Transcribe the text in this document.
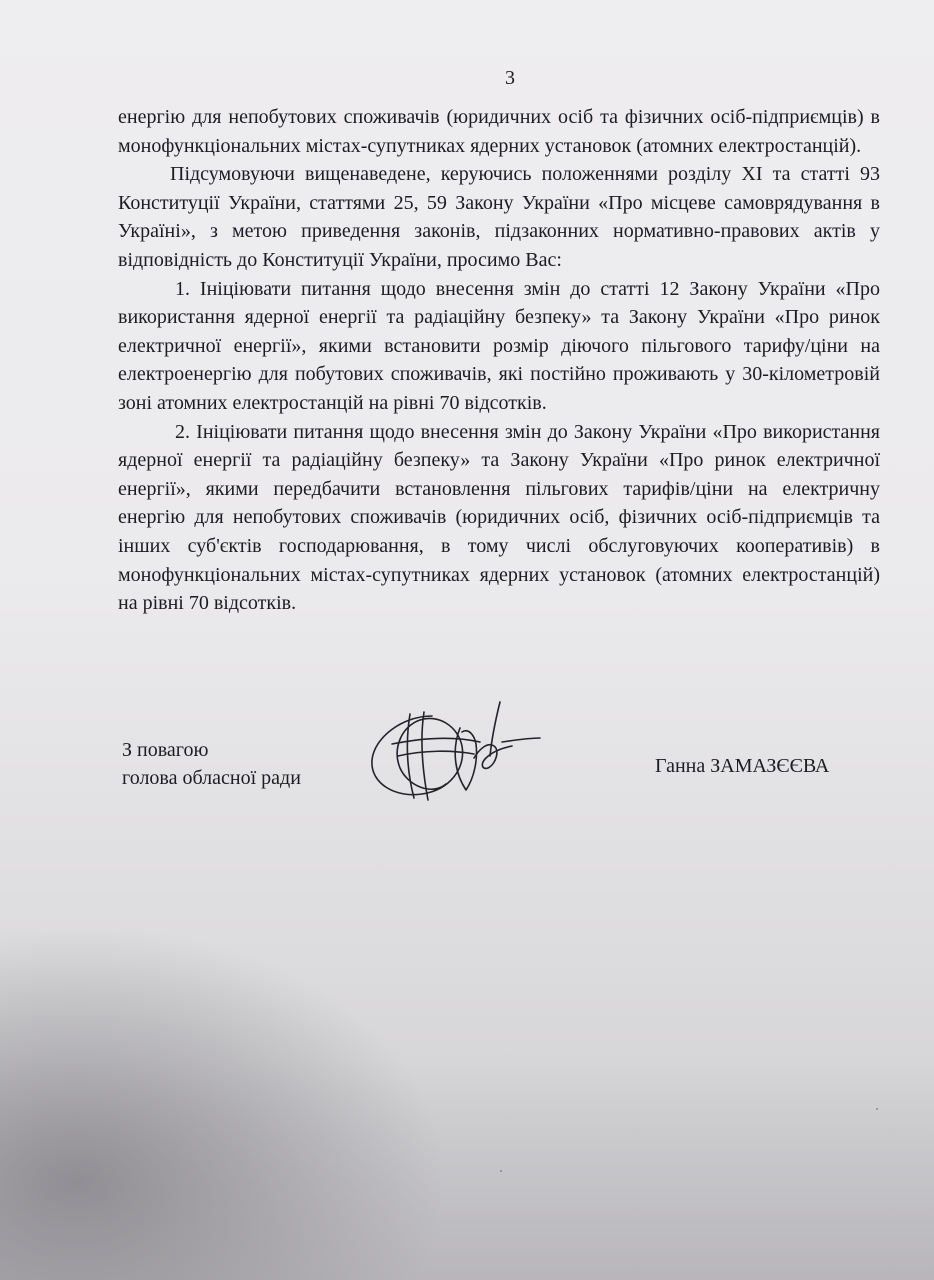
3

енергію для непобутових споживачів (юридичних осіб та фізичних осіб-підприємців) в монофункціональних містах-супутниках ядерних установок (атомних електростанцій).

Підсумовуючи вищенаведене, керуючись положеннями розділу XI та статті 93 Конституції України, статтями 25, 59 Закону України «Про місцеве самоврядування в Україні», з метою приведення законів, підзаконних нормативно-правових актів у відповідність до Конституції України, просимо Вас:

1. Ініціювати питання щодо внесення змін до статті 12 Закону України «Про використання ядерної енергії та радіаційну безпеку» та Закону України «Про ринок електричної енергії», якими встановити розмір діючого пільгового тарифу/ціни на електроенергію для побутових споживачів, які постійно проживають у 30-кілометровій зоні атомних електростанцій на рівні 70 відсотків.

2. Ініціювати питання щодо внесення змін до Закону України «Про використання ядерної енергії та радіаційну безпеку» та Закону України «Про ринок електричної енергії», якими передбачити встановлення пільгових тарифів/ціни на електричну енергію для непобутових споживачів (юридичних осіб, фізичних осіб-підприємців та інших суб'єктів господарювання, в тому числі обслуговуючих кооперативів) в монофункціональних містах-супутниках ядерних установок (атомних електростанцій) на рівні 70 відсотків.

З повагою
голова обласної ради
Ганна ЗАМАЗЄЄВА
